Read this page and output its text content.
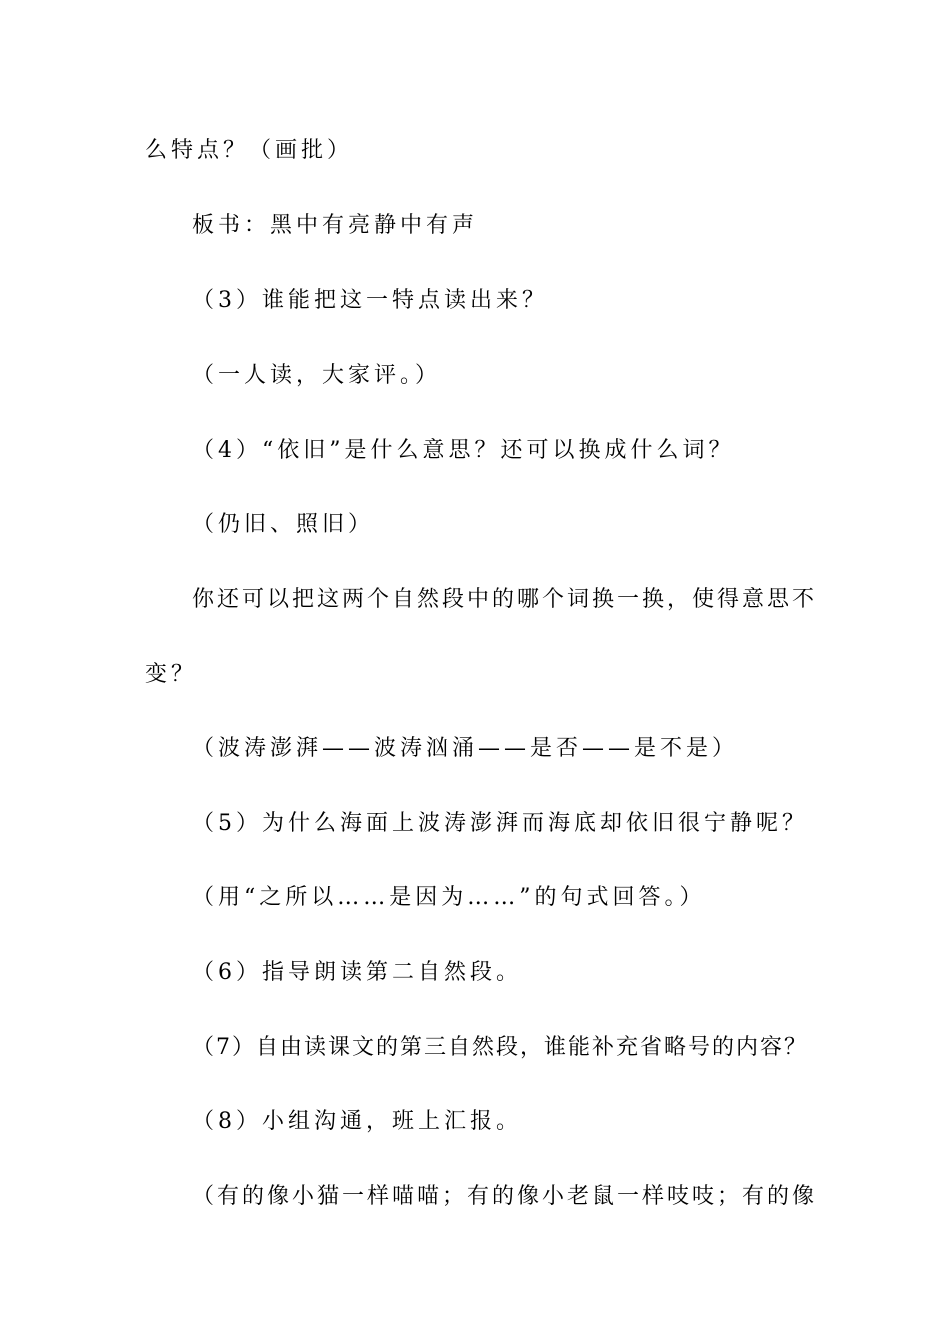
么特点？（画批）
板书：黑中有亮静中有声
（3）谁能把这一特点读出来？
（一人读，大家评。）
（4）“依旧”是什么意思？还可以换成什么词？
（仍旧、照旧）
你还可以把这两个自然段中的哪个词换一换，使得意思不
变？
（波涛澎湃——波涛汹涌——是否——是不是）
（5）为什么海面上波涛澎湃而海底却依旧很宁静呢？
（用“之所以……是因为……”的句式回答。）
（6）指导朗读第二自然段。
（7）自由读课文的第三自然段，谁能补充省略号的内容？
（8）小组沟通，班上汇报。
（有的像小猫一样喵喵；有的像小老鼠一样吱吱；有的像
